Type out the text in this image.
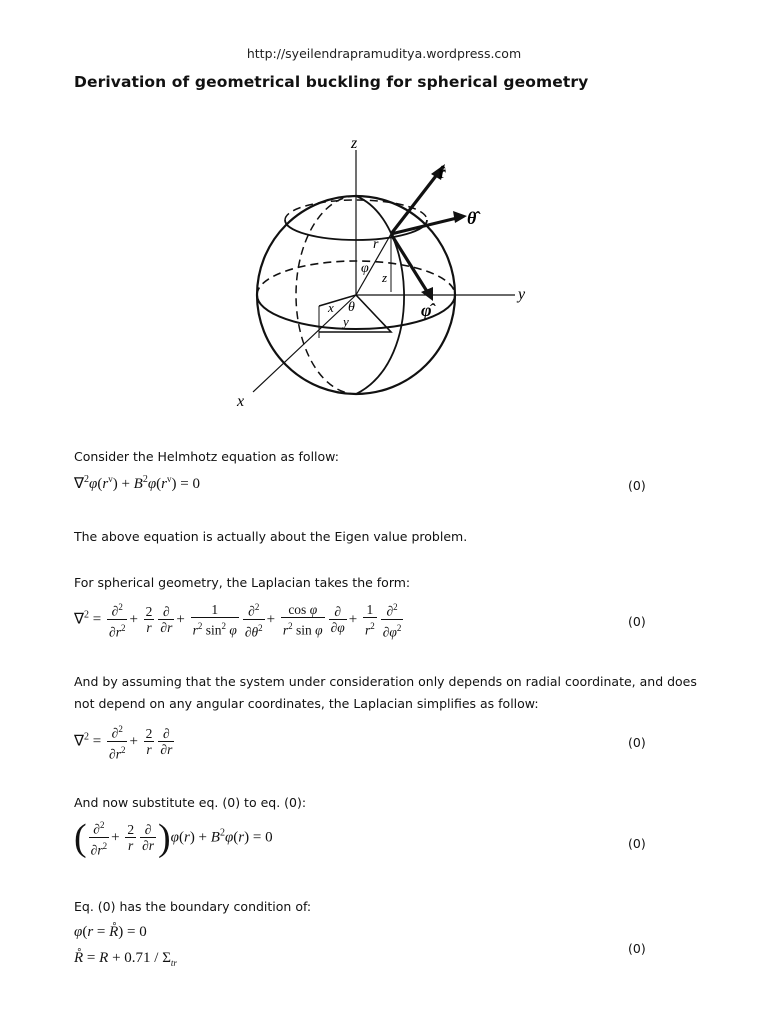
http://syeilendrapramuditya.wordpress.com
Derivation of geometrical buckling for spherical geometry
z
y
x
r̂
θ̂
φ̂
r
φ
θ
z
x
y
Consider the Helmhotz equation as follow:
$\nabla^2\varphi(r^v) + B^2\varphi(r^v) = 0$	(0)
The above equation is actually about the Eigen value problem.
For spherical geometry, the Laplacian takes the form:
$\nabla^2 = \frac{\partial^2}{\partial r^2} + \frac{2}{r} \frac{\partial}{\partial r} + \frac{1}{r^2 \sin^2 \varphi} \frac{\partial^2}{\partial\theta^2} + \frac{\text{cos φ}}{r^2 \sin \varphi} \frac{\partial}{\partial\varphi} + \frac{1}{r^2} \frac{\partial^2}{\partial\varphi^2}$	(0)
And by assuming that the system under consideration only depends on radial coordinate, and does not depend on any angular coordinates, the Laplacian simplifies as follow:
$\nabla^2 = \frac{\partial^2}{\partial r^2} + \frac{2}{r} \frac{\partial}{\partial r}$	(0)
And now substitute eq. (0) to eq. (0):
( $\frac{\partial^2}{\partial r^2} + \frac{2}{r} \frac{\partial}{\partial r} )\varphi(r) + B^2\varphi(r) = 0$	(0)
Eq. (0) has the boundary condition of:
φ(r = R̊) = 0
R̊ = $R + 0.71 / \Sigma_{tr}$
(0)
